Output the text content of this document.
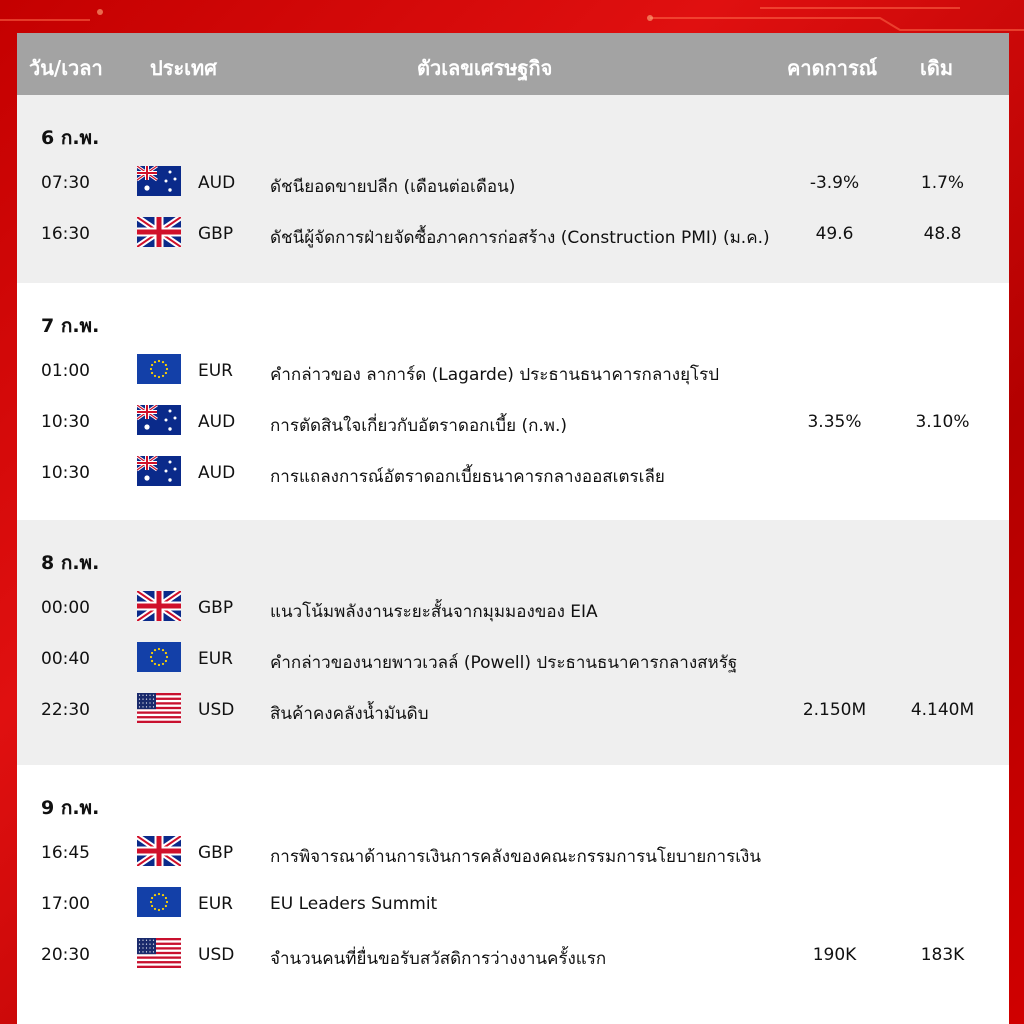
วัน/เวลา ประเทศ	ตัวเลขเศรษฐกิจ	คาดการณ์ เดิม
6 ก.พ.
07:30	AUD ดัชนียอดขายปลีก (เดือนต่อเดือน)	-3.9%	1.7%
16:30	GBP ดัชนีผู้จัดการฝ่ายจัดซื้อภาคการก่อสร้าง (Construction PMI) (ม.ค.)	49.6	48.8
7 ก.พ.
01:00	EUR คำกล่าวของ ลาการ์ด (Lagarde) ประธานธนาคารกลางยุโรป
10:30	AUD การตัดสินใจเกี่ยวกับอัตราดอกเบี้ย (ก.พ.)	3.35%	3.10%
10:30	AUD การแถลงการณ์อัตราดอกเบี้ยธนาคารกลางออสเตรเลีย
8 ก.พ.
00:00	GBP แนวโน้มพลังงานระยะสั้นจากมุมมองของ EIA
00:40	EUR คำกล่าวของนายพาวเวลล์ (Powell) ประธานธนาคารกลางสหรัฐ
22:30	USD สินค้าคงคลังน้ำมันดิบ	2.150M	4.140M
9 ก.พ.
16:45	GBP การพิจารณาด้านการเงินการคลังของคณะกรรมการนโยบายการเงิน
17:00	EUR EU Leaders Summit
20:30	USD จำนวนคนที่ยื่นขอรับสวัสดิการว่างงานครั้งแรก	190K	183K
